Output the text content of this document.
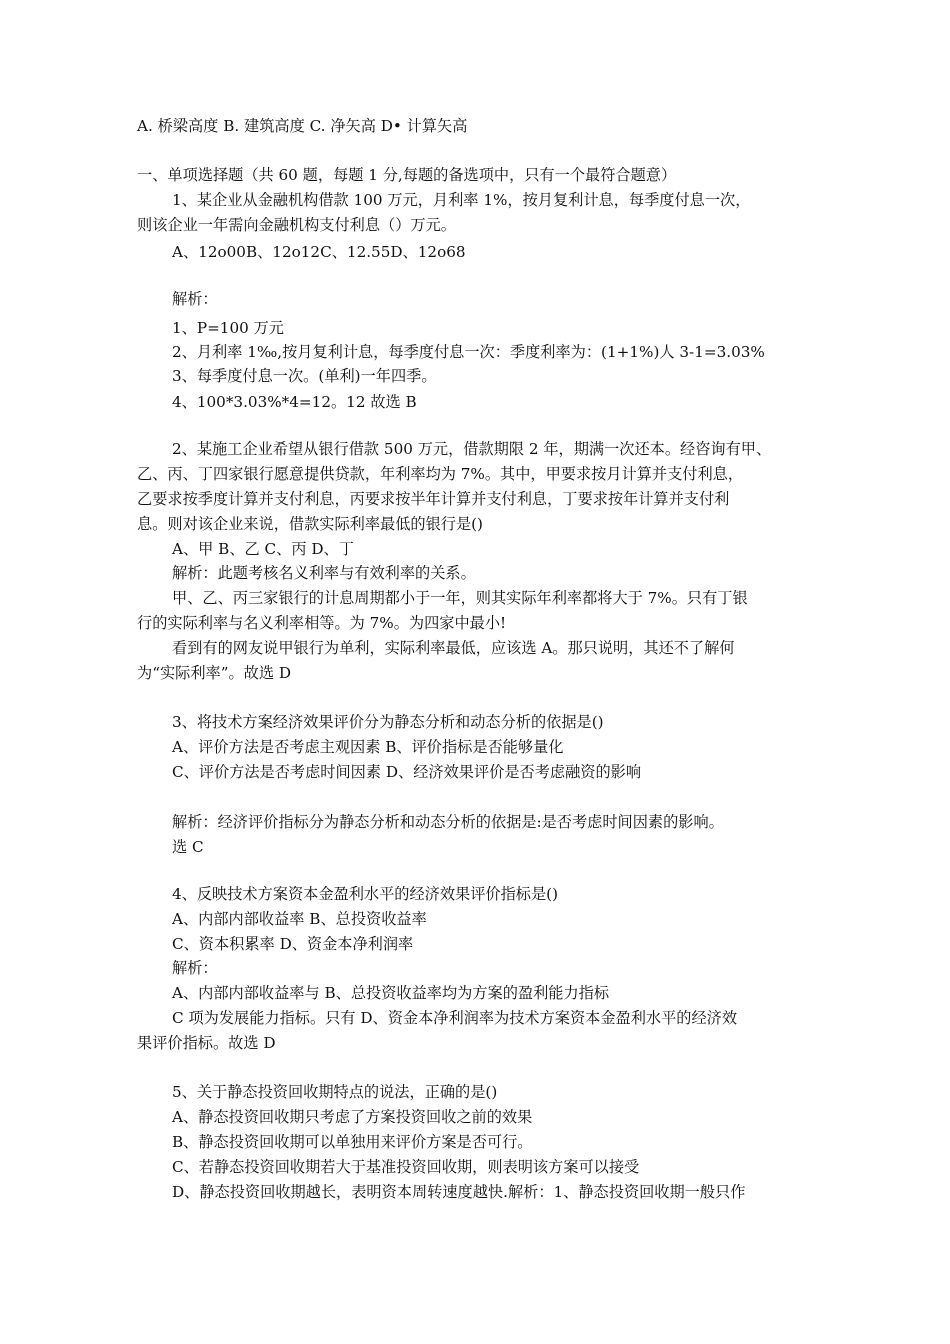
A. 桥梁高度 B. 建筑高度 C. 净矢高 D• 计算矢高

一、单项选择题（共 60 题，每题 1 分,每题的备选项中，只有一个最符合题意）

1、某企业从金融机构借款 100 万元，月利率 1%，按月复利计息，每季度付息一次，

则该企业一年需向金融机构支付利息（）万元。

A、12o00B、12o12C、12.55D、12o68

解析：

1、P=100 万元

2、月利率 1‰,按月复利计息，每季度付息一次：季度利率为：(1+1%)人 3-1=3.03%

3、每季度付息一次。(单利)一年四季。

4、100*3.03%*4=12。12 故选 B

2、某施工企业希望从银行借款 500 万元，借款期限 2 年，期满一次还本。经咨询有甲、

乙、丙、丁四家银行愿意提供贷款，年利率均为 7%。其中，甲要求按月计算并支付利息，

乙要求按季度计算并支付利息，丙要求按半年计算并支付利息，丁要求按年计算并支付利

息。则对该企业来说，借款实际利率最低的银行是()

A、甲 B、乙 C、丙 D、丁

解析：此题考核名义利率与有效利率的关系。

甲、乙、丙三家银行的计息周期都小于一年，则其实际年利率都将大于 7%。只有丁银

行的实际利率与名义利率相等。为 7%。为四家中最小!

看到有的网友说甲银行为单利，实际利率最低，应该选 A。那只说明，其还不了解何

为“实际利率”。故选 D

3、将技术方案经济效果评价分为静态分析和动态分析的依据是()

A、评价方法是否考虑主观因素 B、评价指标是否能够量化

C、评价方法是否考虑时间因素 D、经济效果评价是否考虑融资的影响

解析：经济评价指标分为静态分析和动态分析的依据是:是否考虑时间因素的影响。

选 C

4、反映技术方案资本金盈利水平的经济效果评价指标是()

A、内部内部收益率 B、总投资收益率

C、资本积累率 D、资金本净利润率

解析：

A、内部内部收益率与 B、总投资收益率均为方案的盈利能力指标

C 项为发展能力指标。只有 D、资金本净利润率为技术方案资本金盈利水平的经济效

果评价指标。故选 D

5、关于静态投资回收期特点的说法，正确的是()

A、静态投资回收期只考虑了方案投资回收之前的效果

B、静态投资回收期可以单独用来评价方案是否可行。

C、若静态投资回收期若大于基准投资回收期，则表明该方案可以接受

D、静态投资回收期越长，表明资本周转速度越快.解析：1、静态投资回收期一般只作
